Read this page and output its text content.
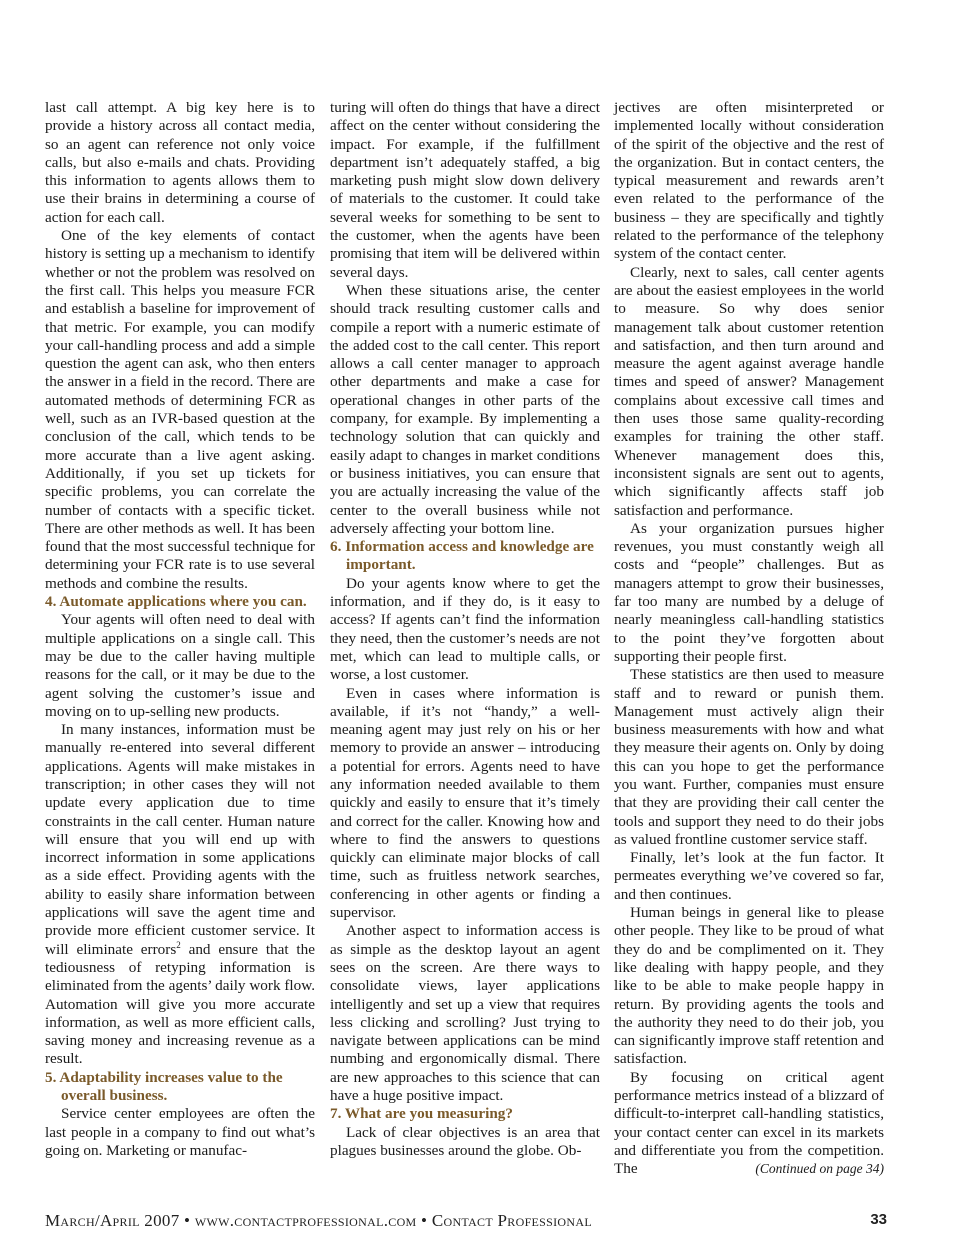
last call attempt. A big key here is to provide a history across all contact media, so an agent can reference not only voice calls, but also e-mails and chats. Providing this information to agents allows them to use their brains in determining a course of action for each call.

One of the key elements of contact history is setting up a mechanism to identify whether or not the problem was resolved on the first call. This helps you measure FCR and establish a baseline for improvement of that metric. For example, you can modify your call-handling process and add a simple question the agent can ask, who then enters the answer in a field in the record. There are automated methods of determining FCR as well, such as an IVR-based question at the conclusion of the call, which tends to be more accurate than a live agent asking. Additionally, if you set up tickets for specific problems, you can correlate the number of contacts with a specific ticket. There are other methods as well. It has been found that the most successful technique for determining your FCR rate is to use several methods and combine the results.

4. Automate applications where you can.

Your agents will often need to deal with multiple applications on a single call. This may be due to the caller having multiple reasons for the call, or it may be due to the agent solving the customer’s issue and moving on to up-selling new products.

In many instances, information must be manually re-entered into several different applications. Agents will make mistakes in transcription; in other cases they will not update every application due to time constraints in the call center. Human nature will ensure that you will end up with incorrect information in some applications as a side effect. Providing agents with the ability to easily share information between applications will save the agent time and provide more efficient customer service. It will eliminate errors$^2$ and ensure that the tediousness of retyping information is eliminated from the agents’ daily work flow. Automation will give you more accurate information, as well as more efficient calls, saving money and increasing revenue as a result.

5. Adaptability increases value to the overall business.

Service center employees are often the last people in a company to find out what’s going on. Marketing or manufac-

turing will often do things that have a direct affect on the center without considering the impact. For example, if the fulfillment department isn’t adequately staffed, a big marketing push might slow down delivery of materials to the customer. It could take several weeks for something to be sent to the customer, when the agents have been promising that item will be delivered within several days.

When these situations arise, the center should track resulting customer calls and compile a report with a numeric estimate of the added cost to the call center. This report allows a call center manager to approach other departments and make a case for operational changes in other parts of the company, for example. By implementing a technology solution that can quickly and easily adapt to changes in market conditions or business initiatives, you can ensure that you are actually increasing the value of the center to the overall business while not adversely affecting your bottom line.

6. Information access and knowledge are important.

Do your agents know where to get the information, and if they do, is it easy to access? If agents can’t find the information they need, then the customer’s needs are not met, which can lead to multiple calls, or worse, a lost customer.

Even in cases where information is available, if it’s not “handy,” a well-meaning agent may just rely on his or her memory to provide an answer – introducing a potential for errors. Agents need to have any information needed available to them quickly and easily to ensure that it’s timely and correct for the caller. Knowing how and where to find the answers to questions quickly can eliminate major blocks of call time, such as fruitless network searches, conferencing in other agents or finding a supervisor.

Another aspect to information access is as simple as the desktop layout an agent sees on the screen. Are there ways to consolidate views, layer applications intelligently and set up a view that requires less clicking and scrolling? Just trying to navigate between applications can be mind numbing and ergonomically dismal. There are new approaches to this science that can have a huge positive impact.

7. What are you measuring?

Lack of clear objectives is an area that plagues businesses around the globe. Ob-

jectives are often misinterpreted or implemented locally without consideration of the spirit of the objective and the rest of the organization. But in contact centers, the typical measurement and rewards aren’t even related to the performance of the business – they are specifically and tightly related to the performance of the telephony system of the contact center.

Clearly, next to sales, call center agents are about the easiest employees in the world to measure. So why does senior management talk about customer retention and satisfaction, and then turn around and measure the agent against average handle times and speed of answer? Management complains about excessive call times and then uses those same quality-recording examples for training the other staff. Whenever management does this, inconsistent signals are sent out to agents, which significantly affects staff job satisfaction and performance.

As your organization pursues higher revenues, you must constantly weigh all costs and “people” challenges. But as managers attempt to grow their businesses, far too many are numbed by a deluge of nearly meaningless call-handling statistics to the point they’ve forgotten about supporting their people first.

These statistics are then used to measure staff and to reward or punish them. Management must actively align their business measurements with how and what they measure their agents on. Only by doing this can you hope to get the performance you want. Further, companies must ensure that they are providing their call center the tools and support they need to do their jobs as valued frontline customer service staff.

Finally, let’s look at the fun factor. It permeates everything we’ve covered so far, and then continues.

Human beings in general like to please other people. They like to be proud of what they do and be complimented on it. They like dealing with happy people, and they like to be able to make people happy in return. By providing agents the tools and the authority they need to do their job, you can significantly improve staff retention and satisfaction.

By focusing on critical agent performance metrics instead of a blizzard of difficult-to-interpret call-handling statistics, your contact center can excel in its markets and differentiate you from the competition. The	(Continued on page 34)

March/April 2007 • www.contactprofessional.com • Contact Professional	33
